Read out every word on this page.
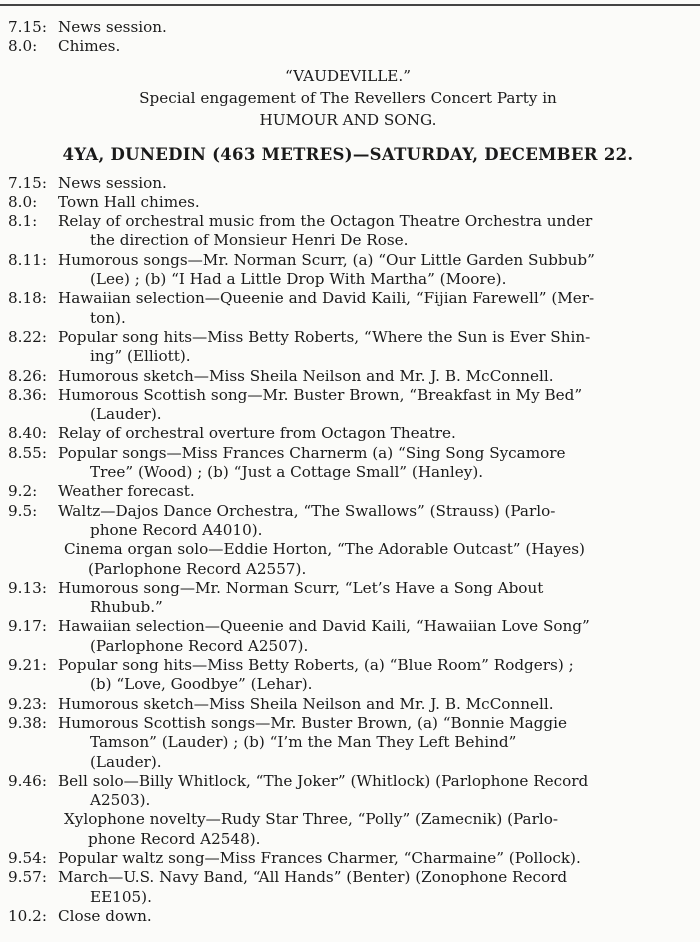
7.15: News session.
8.0:	Chimes.
“VAUDEVILLE.”
Special engagement of The Revellers Concert Party in
HUMOUR AND SONG.
4YA, DUNEDIN (463 METRES)—SATURDAY, DECEMBER 22.
7.15: News session.
8.0:	Town Hall chimes.
8.1:	Relay of orchestral music from the Octagon Theatre Orchestra under
the direction of Monsieur Henri De Rose.
8.11: Humorous songs—Mr. Norman Scurr, (a) “Our Little Garden Subbub”
(Lee) ; (b) “I Had a Little Drop With Martha” (Moore).
8.18: Hawaiian selection—Queenie and David Kaili, “Fijian Farewell” (Mer-
ton).
8.22: Popular song hits—Miss Betty Roberts, “Where the Sun is Ever Shin-
ing” (Elliott).
8.26: Humorous sketch—Miss Sheila Neilson and Mr. J. B. McConnell.
8.36: Humorous Scottish song—Mr. Buster Brown, “Breakfast in My Bed”
(Lauder).
8.40: Relay of orchestral overture from Octagon Theatre.
8.55: Popular songs—Miss Frances Charnerm (a) “Sing Song Sycamore
Tree” (Wood) ; (b) “Just a Cottage Small” (Hanley).
9.2:	Weather forecast.
9.5:	Waltz—Dajos Dance Orchestra, “The Swallows” (Strauss) (Parlo-
phone Record A4010).
Cinema organ solo—Eddie Horton, “The Adorable Outcast” (Hayes)
(Parlophone Record A2557).
9.13: Humorous song—Mr. Norman Scurr, “Let’s Have a Song About
Rhubub.”
9.17: Hawaiian selection—Queenie and David Kaili, “Hawaiian Love Song”
(Parlophone Record A2507).
9.21: Popular song hits—Miss Betty Roberts, (a) “Blue Room” Rodgers) ;
(b) “Love, Goodbye” (Lehar).
9.23: Humorous sketch—Miss Sheila Neilson and Mr. J. B. McConnell.
9.38: Humorous Scottish songs—Mr. Buster Brown, (a) “Bonnie Maggie
Tamson” (Lauder) ; (b) “I’m the Man They Left Behind”
(Lauder).
9.46: Bell solo—Billy Whitlock, “The Joker” (Whitlock) (Parlophone Record
A2503).
Xylophone novelty—Rudy Star Three, “Polly” (Zamecnik) (Parlo-
phone Record A2548).
9.54: Popular waltz song—Miss Frances Charmer, “Charmaine” (Pollock).
9.57: March—U.S. Navy Band, “All Hands” (Benter) (Zonophone Record
EE105).
10.2: Close down.
